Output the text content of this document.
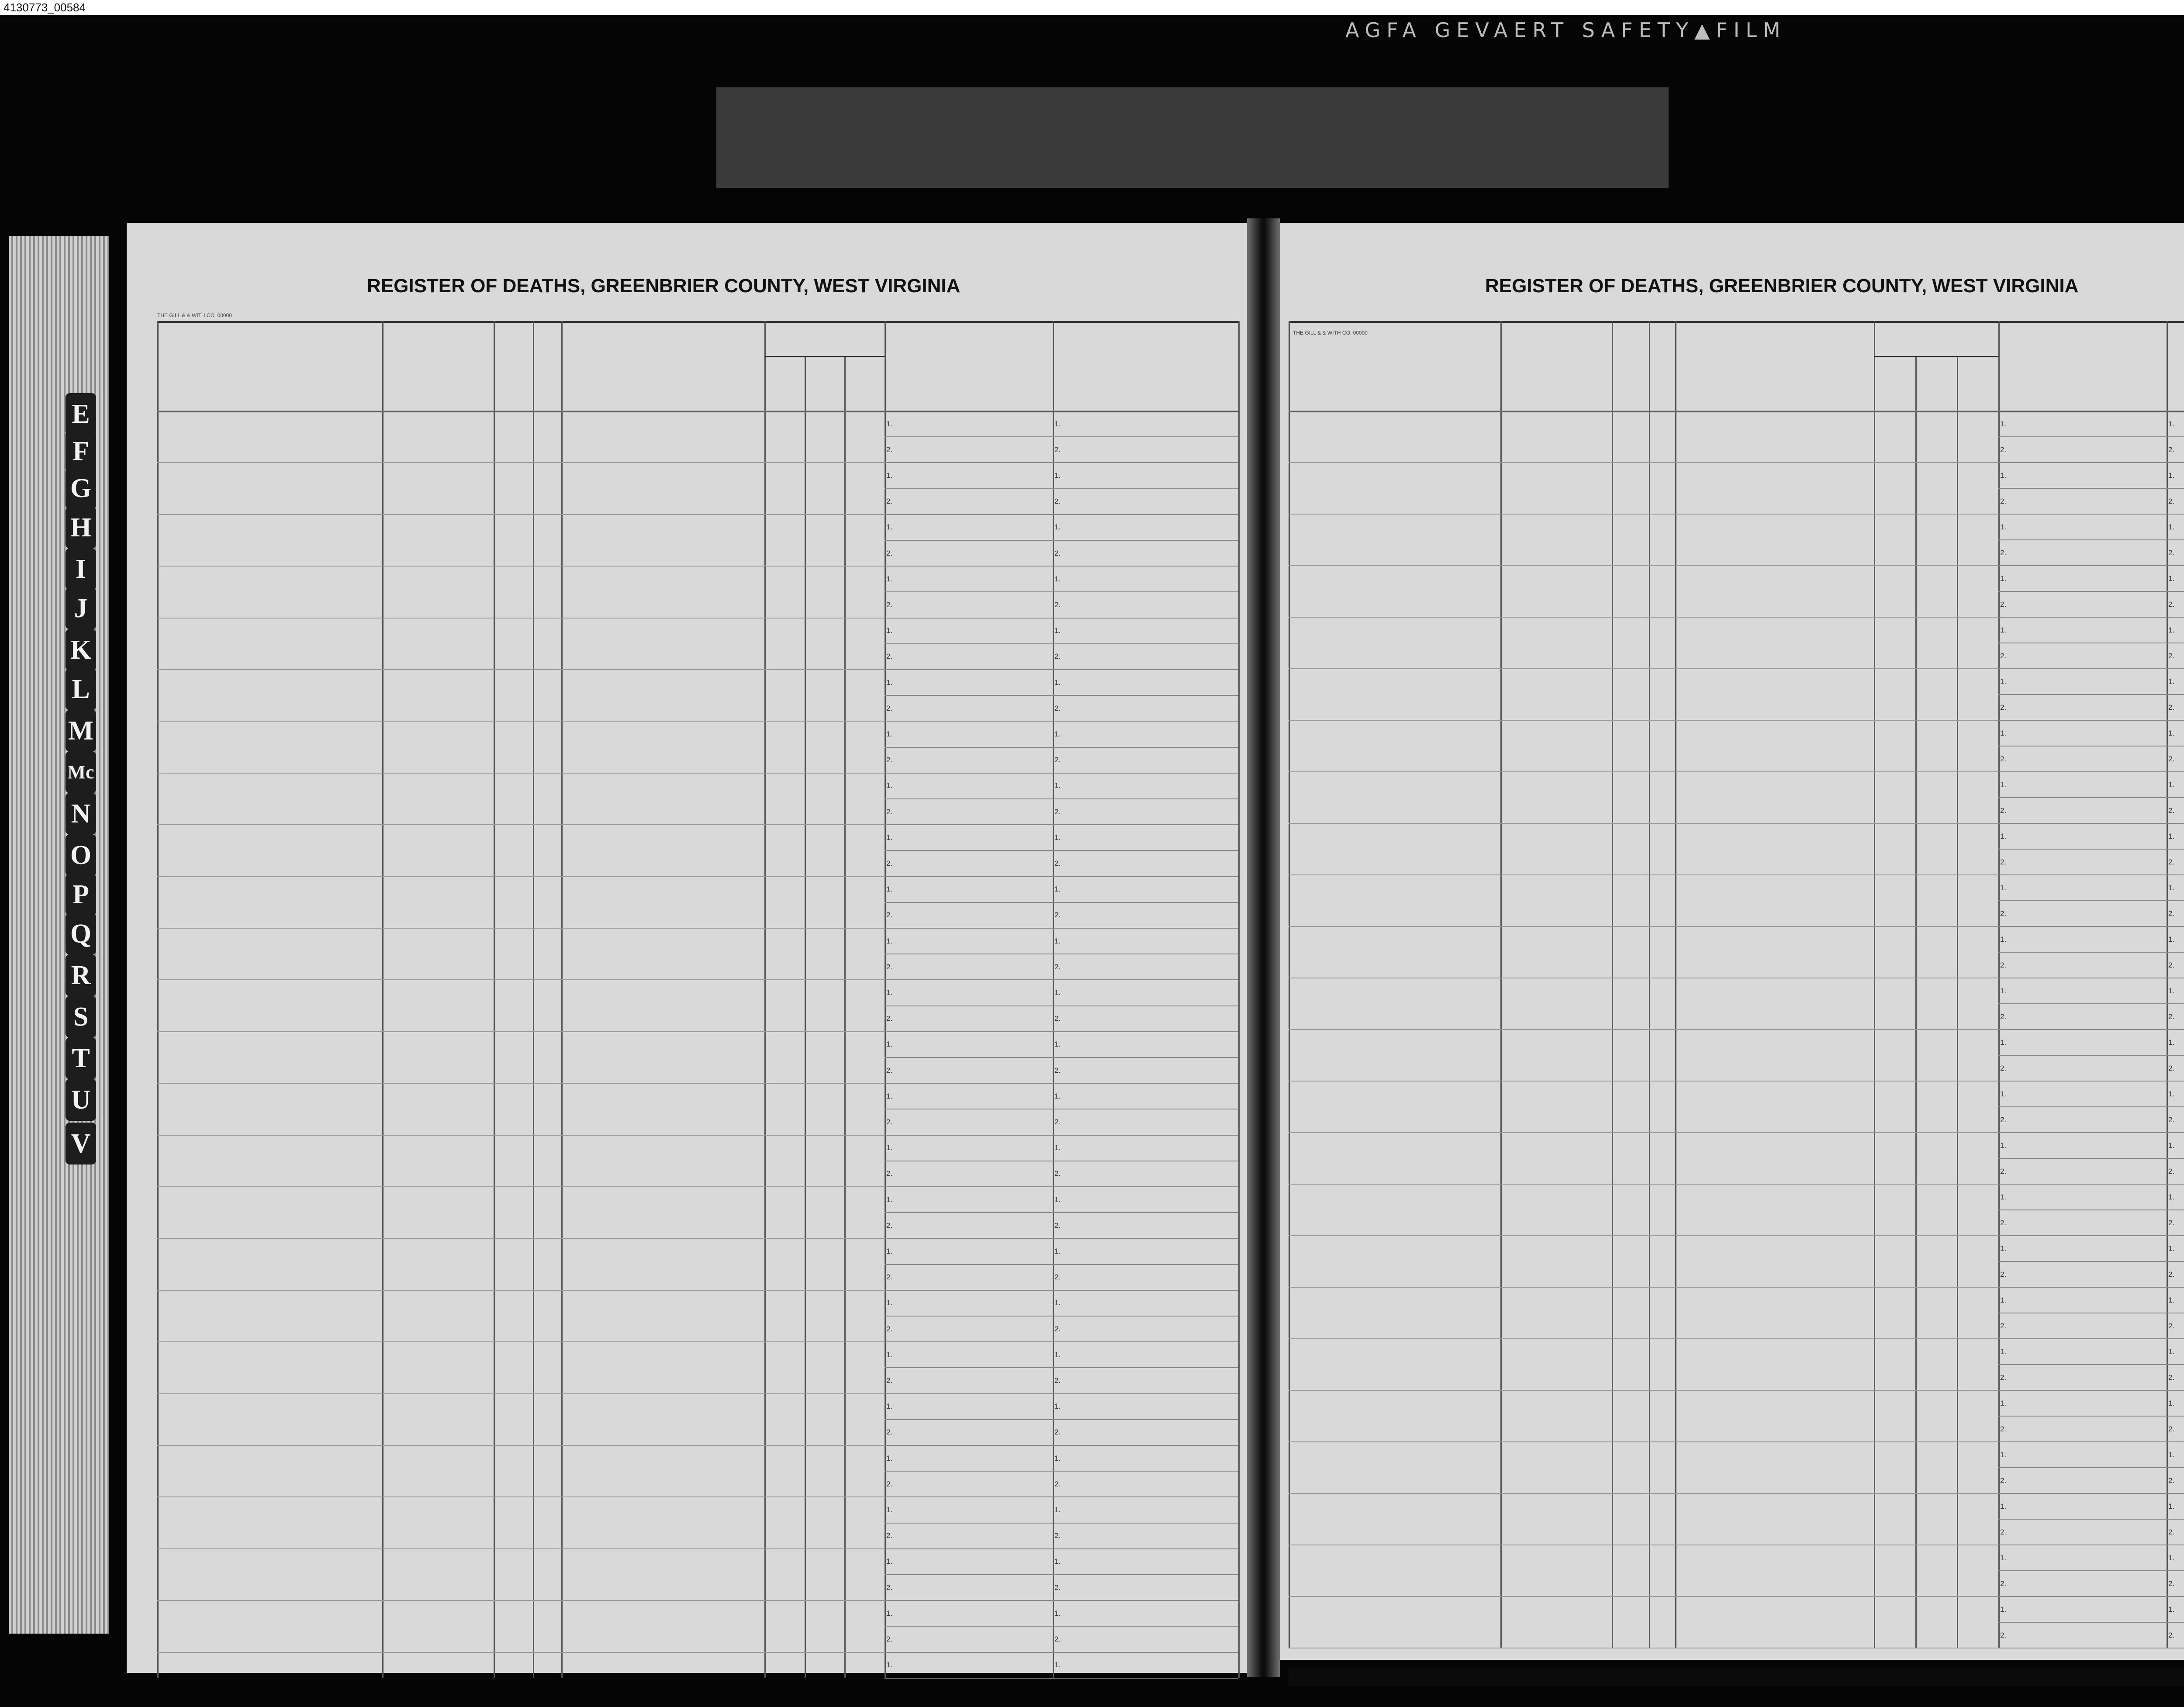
4130773_00584
AGFA GEVAERT SAFETY▲FILM
E
F
G
H
I
J
K
L
M
Mc
N
O
P
Q
R
S
T
U
V
REGISTER OF DEATHS, GREENBRIER COUNTY, WEST VIRGINIA
THE GILL & & WITH CO. 00000
1.	1.
2.	2.
1.	1.
2.	2.
1.	1.
2.	2.
1.	1.
2.	2.
1.	1.
2.	2.
1.	1.
2.	2.
1.	1.
2.	2.
1.	1.
2.	2.
1.	1.
2.	2.
1.	1.
2.	2.
1.	1.
2.	2.
1.	1.
2.	2.
1.	1.
2.	2.
1.	1.
2.	2.
1.	1.
2.	2.
1.	1.
2.	2.
1.	1.
2.	2.
1.	1.
2.	2.
1.	1.
2.	2.
1.	1.
2.	2.
1.	1.
2.	2.
1.	1.
2.	2.
1.	1.
2.	2.
1.	1.
2.	2.
1.	1.
REGISTER OF DEATHS, GREENBRIER COUNTY, WEST VIRGINIA
THE GILL & & WITH CO. 00000
1.	1.
2.	2.
1.	1.
2.	2.
1.	1.
2.	2.
1.	1.
2.	2.
1.	1.
2.	2.
1.	1.
2.	2.
1.	1.
2.	2.
1.	1.
2.	2.
1.	1.
2.	2.
1.	1.
2.	2.
1.	1.
2.	2.
1.	1.
2.	2.
1.	1.
2.	2.
1.	1.
2.	2.
1.	1.
2.	2.
1.	1.
2.	2.
1.	1.
2.	2.
1.	1.
2.	2.
1.	1.
2.	2.
1.	1.
2.	2.
1.	1.
2.	2.
1.	1.
2.	2.
1.	1.
2.	2.
1.	1.
2.	2.
